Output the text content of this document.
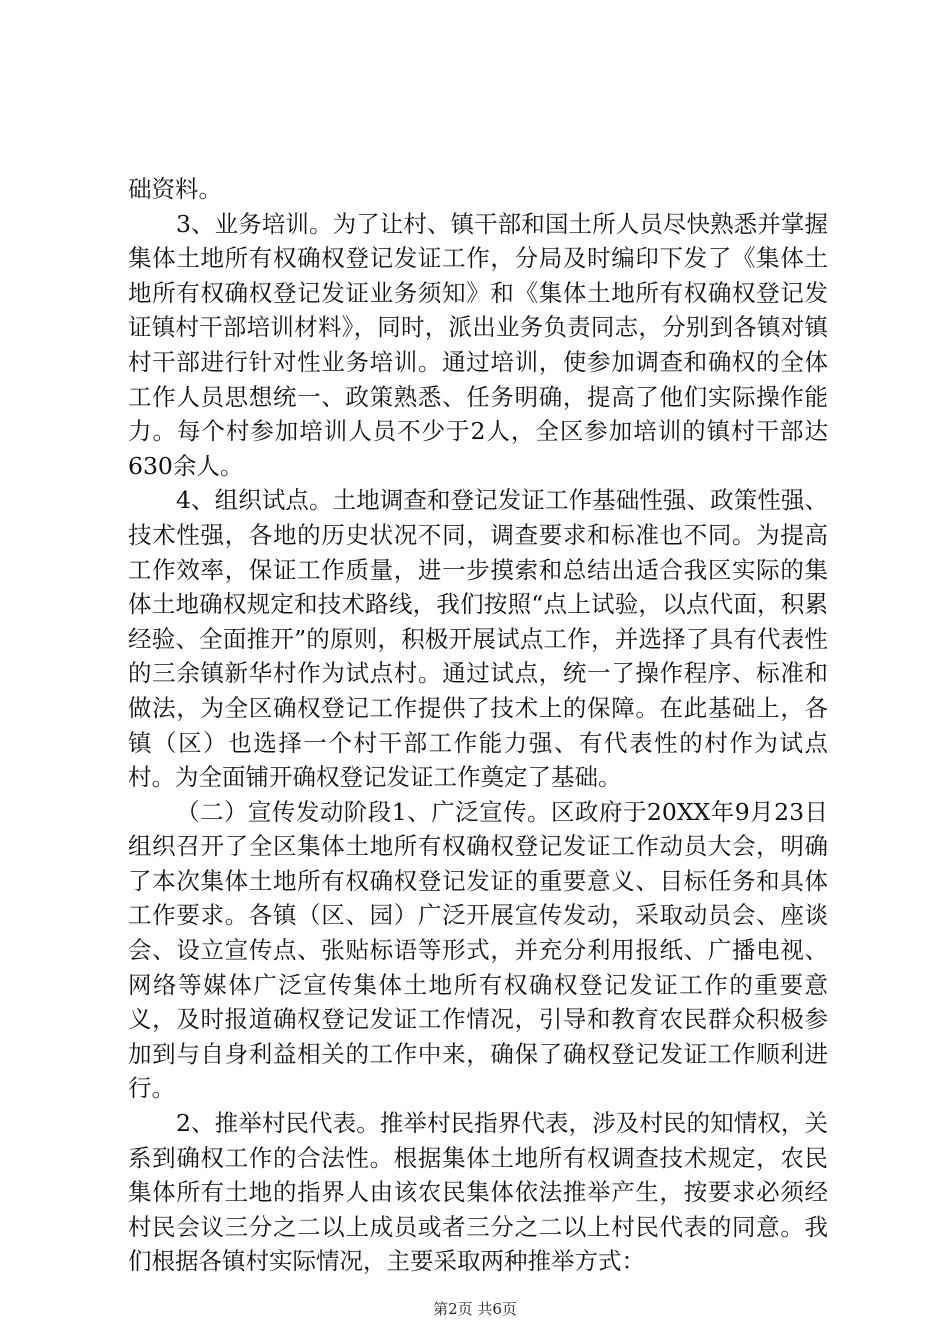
础资料。

3、业务培训。为了让村、镇干部和国土所人员尽快熟悉并掌握集体土地所有权确权登记发证工作，分局及时编印下发了《集体土地所有权确权登记发证业务须知》和《集体土地所有权确权登记发证镇村干部培训材料》，同时，派出业务负责同志，分别到各镇对镇村干部进行针对性业务培训。通过培训，使参加调查和确权的全体工作人员思想统一、政策熟悉、任务明确，提高了他们实际操作能力。每个村参加培训人员不少于2人，全区参加培训的镇村干部达630余人。

4、组织试点。土地调查和登记发证工作基础性强、政策性强、技术性强，各地的历史状况不同，调查要求和标准也不同。为提高工作效率，保证工作质量，进一步摸索和总结出适合我区实际的集体土地确权规定和技术路线，我们按照“点上试验，以点代面，积累经验、全面推开”的原则，积极开展试点工作，并选择了具有代表性的三余镇新华村作为试点村。通过试点，统一了操作程序、标准和做法，为全区确权登记工作提供了技术上的保障。在此基础上，各镇（区）也选择一个村干部工作能力强、有代表性的村作为试点村。为全面铺开确权登记发证工作奠定了基础。

（二）宣传发动阶段1、广泛宣传。区政府于20XX年9月23日组织召开了全区集体土地所有权确权登记发证工作动员大会，明确了本次集体土地所有权确权登记发证的重要意义、目标任务和具体工作要求。各镇（区、园）广泛开展宣传发动，采取动员会、座谈会、设立宣传点、张贴标语等形式，并充分利用报纸、广播电视、网络等媒体广泛宣传集体土地所有权确权登记发证工作的重要意义，及时报道确权登记发证工作情况，引导和教育农民群众积极参加到与自身利益相关的工作中来，确保了确权登记发证工作顺利进行。

2、推举村民代表。推举村民指界代表，涉及村民的知情权，关系到确权工作的合法性。根据集体土地所有权调查技术规定，农民集体所有土地的指界人由该农民集体依法推举产生，按要求必须经村民会议三分之二以上成员或者三分之二以上村民代表的同意。我们根据各镇村实际情况，主要采取两种推举方式：

第2页 共6页
